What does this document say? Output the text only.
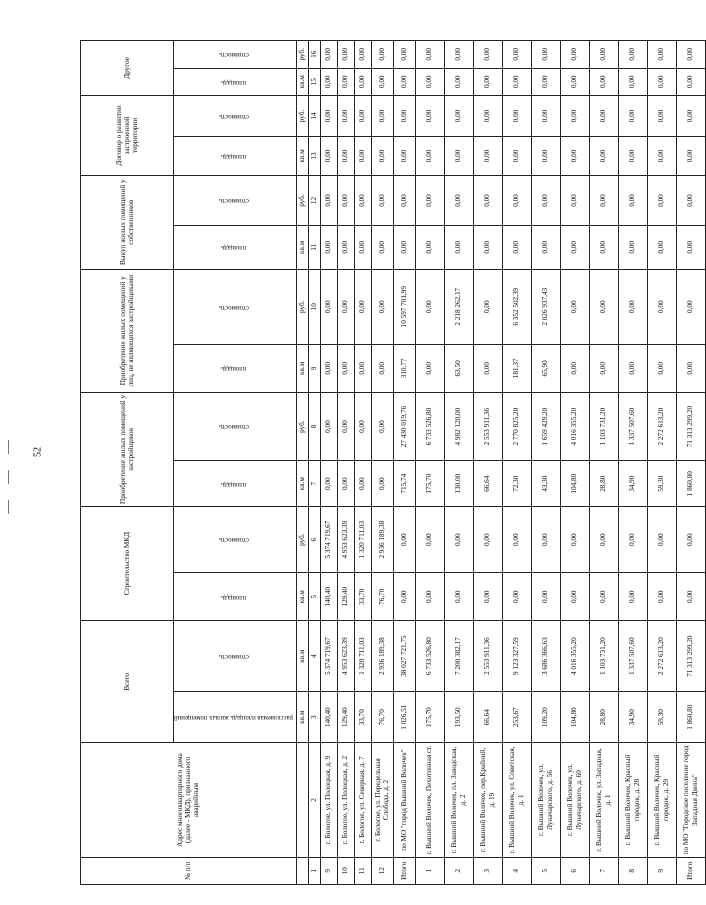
52
№ п/п	Адрес многоквартирного дома (далее - МКД), признанного аварийным	Всего		Строительство МКД		Приобретение жилых помещений у застройщиков		Приобретение жилых помещений у лиц, не являющихся застройщиками		Выкуп жилых помещений у собственников		Договор о развитии застроенной территории		Другое	
		расселяемая площадь жилых помещений	стоимость	площадь	стоимость	площадь	стоимость	площадь	стоимость	площадь	стоимость	площадь	стоимость	площадь	стоимость
		кв.м	кв.м	кв.м	руб.	кв.м	руб.	кв.м	руб.	кв.м	руб.	кв.м	руб.	кв.м	руб.
1	2	3	4	5	6	7	8	9	10	11	12	13	14	15	16
9	г. Бологое, ул. Полоцкая, д. 9	140,40	5 374 719,67	140,40	5 374 719,67	0,00	0,00	0,00	0,00	0,00	0,00	0,00	0,00	0,00	0,00
10	г. Бологое, ул. Полоцкая, д. 2	129,40	4 953 623,39	129,40	4 953 623,39	0,00	0,00	0,00	0,00	0,00	0,00	0,00	0,00	0,00	0,00
11	г. Бологое, ул. Северная, д. 7	33,70	1 320 711,03	33,70	1 320 711,03	0,00	0,00	0,00	0,00	0,00	0,00	0,00	0,00	0,00	0,00
12	г. Бологое, ул. Передельная Слобода, д. 2	76,70	2 936 189,38	76,70	2 936 189,38	0,00	0,00	0,00	0,00	0,00	0,00	0,00	0,00	0,00	0,00
Итого	по МО "город Вышний Волочек"	1 026,51	38 027 721,75	0,00	0,00	715,74	27 430 019,76	310,77	10 597 701,99	0,00	0,00	0,00	0,00	0,00	0,00
1	г. Вышний Волочек, Пехотинная ст.	175,70	6 733 526,80	0,00	0,00	175,70	6 733 526,80	0,00	0,00	0,00	0,00	0,00	0,00	0,00	0,00
2	г. Вышний Волочек, пл. Заводская, д. 2	193,50	7 200 382,17	0,00	0,00	130,00	4 982 120,00	63,50	2 218 262,17	0,00	0,00	0,00	0,00	0,00	0,00
3	г. Вышний Волочек, пер.Крайний, д. 19	66,64	2 553 911,36	0,00	0,00	66,64	2 553 911,36	0,00	0,00	0,00	0,00	0,00	0,00	0,00	0,00
4	г. Вышний Волочек, ул. Советская, д. 1	253,67	9 123 327,59	0,00	0,00	72,30	2 770 825,20	181,37	6 352 502,39	0,00	0,00	0,00	0,00	0,00	0,00
5	г. Вышний Волочек, ул. Луначарского, д. 56	109,20	3 686 366,63	0,00	0,00	43,30	1 659 429,20	65,90	2 026 937,43	0,00	0,00	0,00	0,00	0,00	0,00
6	г. Вышний Волочек, ул. Луначарского, д. 60	104,80	4 016 355,20	0,00	0,00	104,80	4 016 355,20	0,00	0,00	0,00	0,00	0,00	0,00	0,00	0,00
7	г. Вышний Волочек, ул. Западная, д. 1	28,80	1 103 731,20	0,00	0,00	28,80	1 103 731,20	0,00	0,00	0,00	0,00	0,00	0,00	0,00	0,00
8	г. Вышний Волочек, Красный городок, д. 28	34,90	1 337 507,60	0,00	0,00	34,90	1 337 507,60	0,00	0,00	0,00	0,00	0,00	0,00	0,00	0,00
9	г. Вышний Волочек, Красный городок, д. 29	59,30	2 272 613,20	0,00	0,00	59,30	2 272 613,20	0,00	0,00	0,00	0,00	0,00	0,00	0,00	0,00
Итого	по МО "Городское поселение город Западная Двина"	1 860,80	71 313 299,20	0,00	0,00	1 860,80	71 313 299,20	0,00	0,00	0,00	0,00	0,00	0,00	0,00	0,00
